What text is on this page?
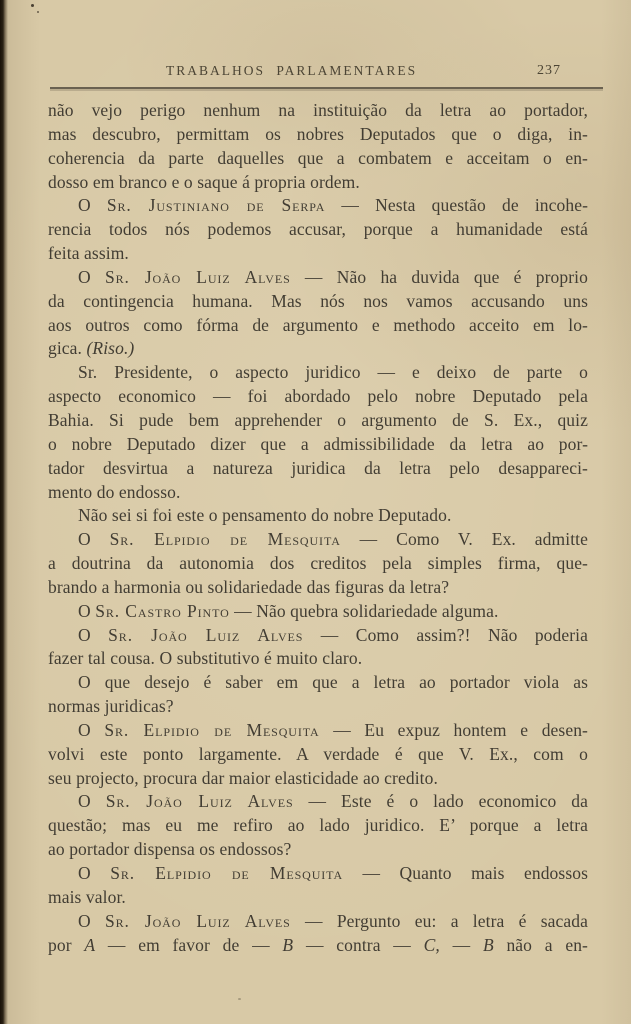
TRABALHOS PARLAMENTARES	237
não vejo perigo nenhum na instituição da letra ao portador,
mas descubro, permittam os nobres Deputados que o diga, in-
coherencia da parte daquelles que a combatem e acceitam o en-
dosso em branco e o saque á propria ordem.
O Sr. Justiniano de Serpa — Nesta questão de incohe-
rencia todos nós podemos accusar, porque a humanidade está
feita assim.
O Sr. João Luiz Alves — Não ha duvida que é proprio
da contingencia humana. Mas nós nos vamos accusando uns
aos outros como fórma de argumento e methodo acceito em lo-
gica. (Riso.)
Sr. Presidente, o aspecto juridico — e deixo de parte o
aspecto economico — foi abordado pelo nobre Deputado pela
Bahia. Si pude bem apprehender o argumento de S. Ex., quiz
o nobre Deputado dizer que a admissibilidade da letra ao por-
tador desvirtua a natureza juridica da letra pelo desappareci-
mento do endosso.
Não sei si foi este o pensamento do nobre Deputado.
O Sr. Elpidio de Mesquita — Como V. Ex. admitte
a doutrina da autonomia dos creditos pela simples firma, que-
brando a harmonia ou solidariedade das figuras da letra?
O Sr. Castro Pinto — Não quebra solidariedade alguma.
O Sr. João Luiz Alves — Como assim?! Não poderia
fazer tal cousa. O substitutivo é muito claro.
O que desejo é saber em que a letra ao portador viola as
normas juridicas?
O Sr. Elpidio de Mesquita — Eu expuz hontem e desen-
volvi este ponto largamente. A verdade é que V. Ex., com o
seu projecto, procura dar maior elasticidade ao credito.
O Sr. João Luiz Alves — Este é o lado economico da
questão; mas eu me refiro ao lado juridico. E’ porque a letra
ao portador dispensa os endossos?
O Sr. Elpidio de Mesquita — Quanto mais endossos
mais valor.
O Sr. João Luiz Alves — Pergunto eu: a letra é sacada
por A — em favor de — B — contra — C, — B não a en-
